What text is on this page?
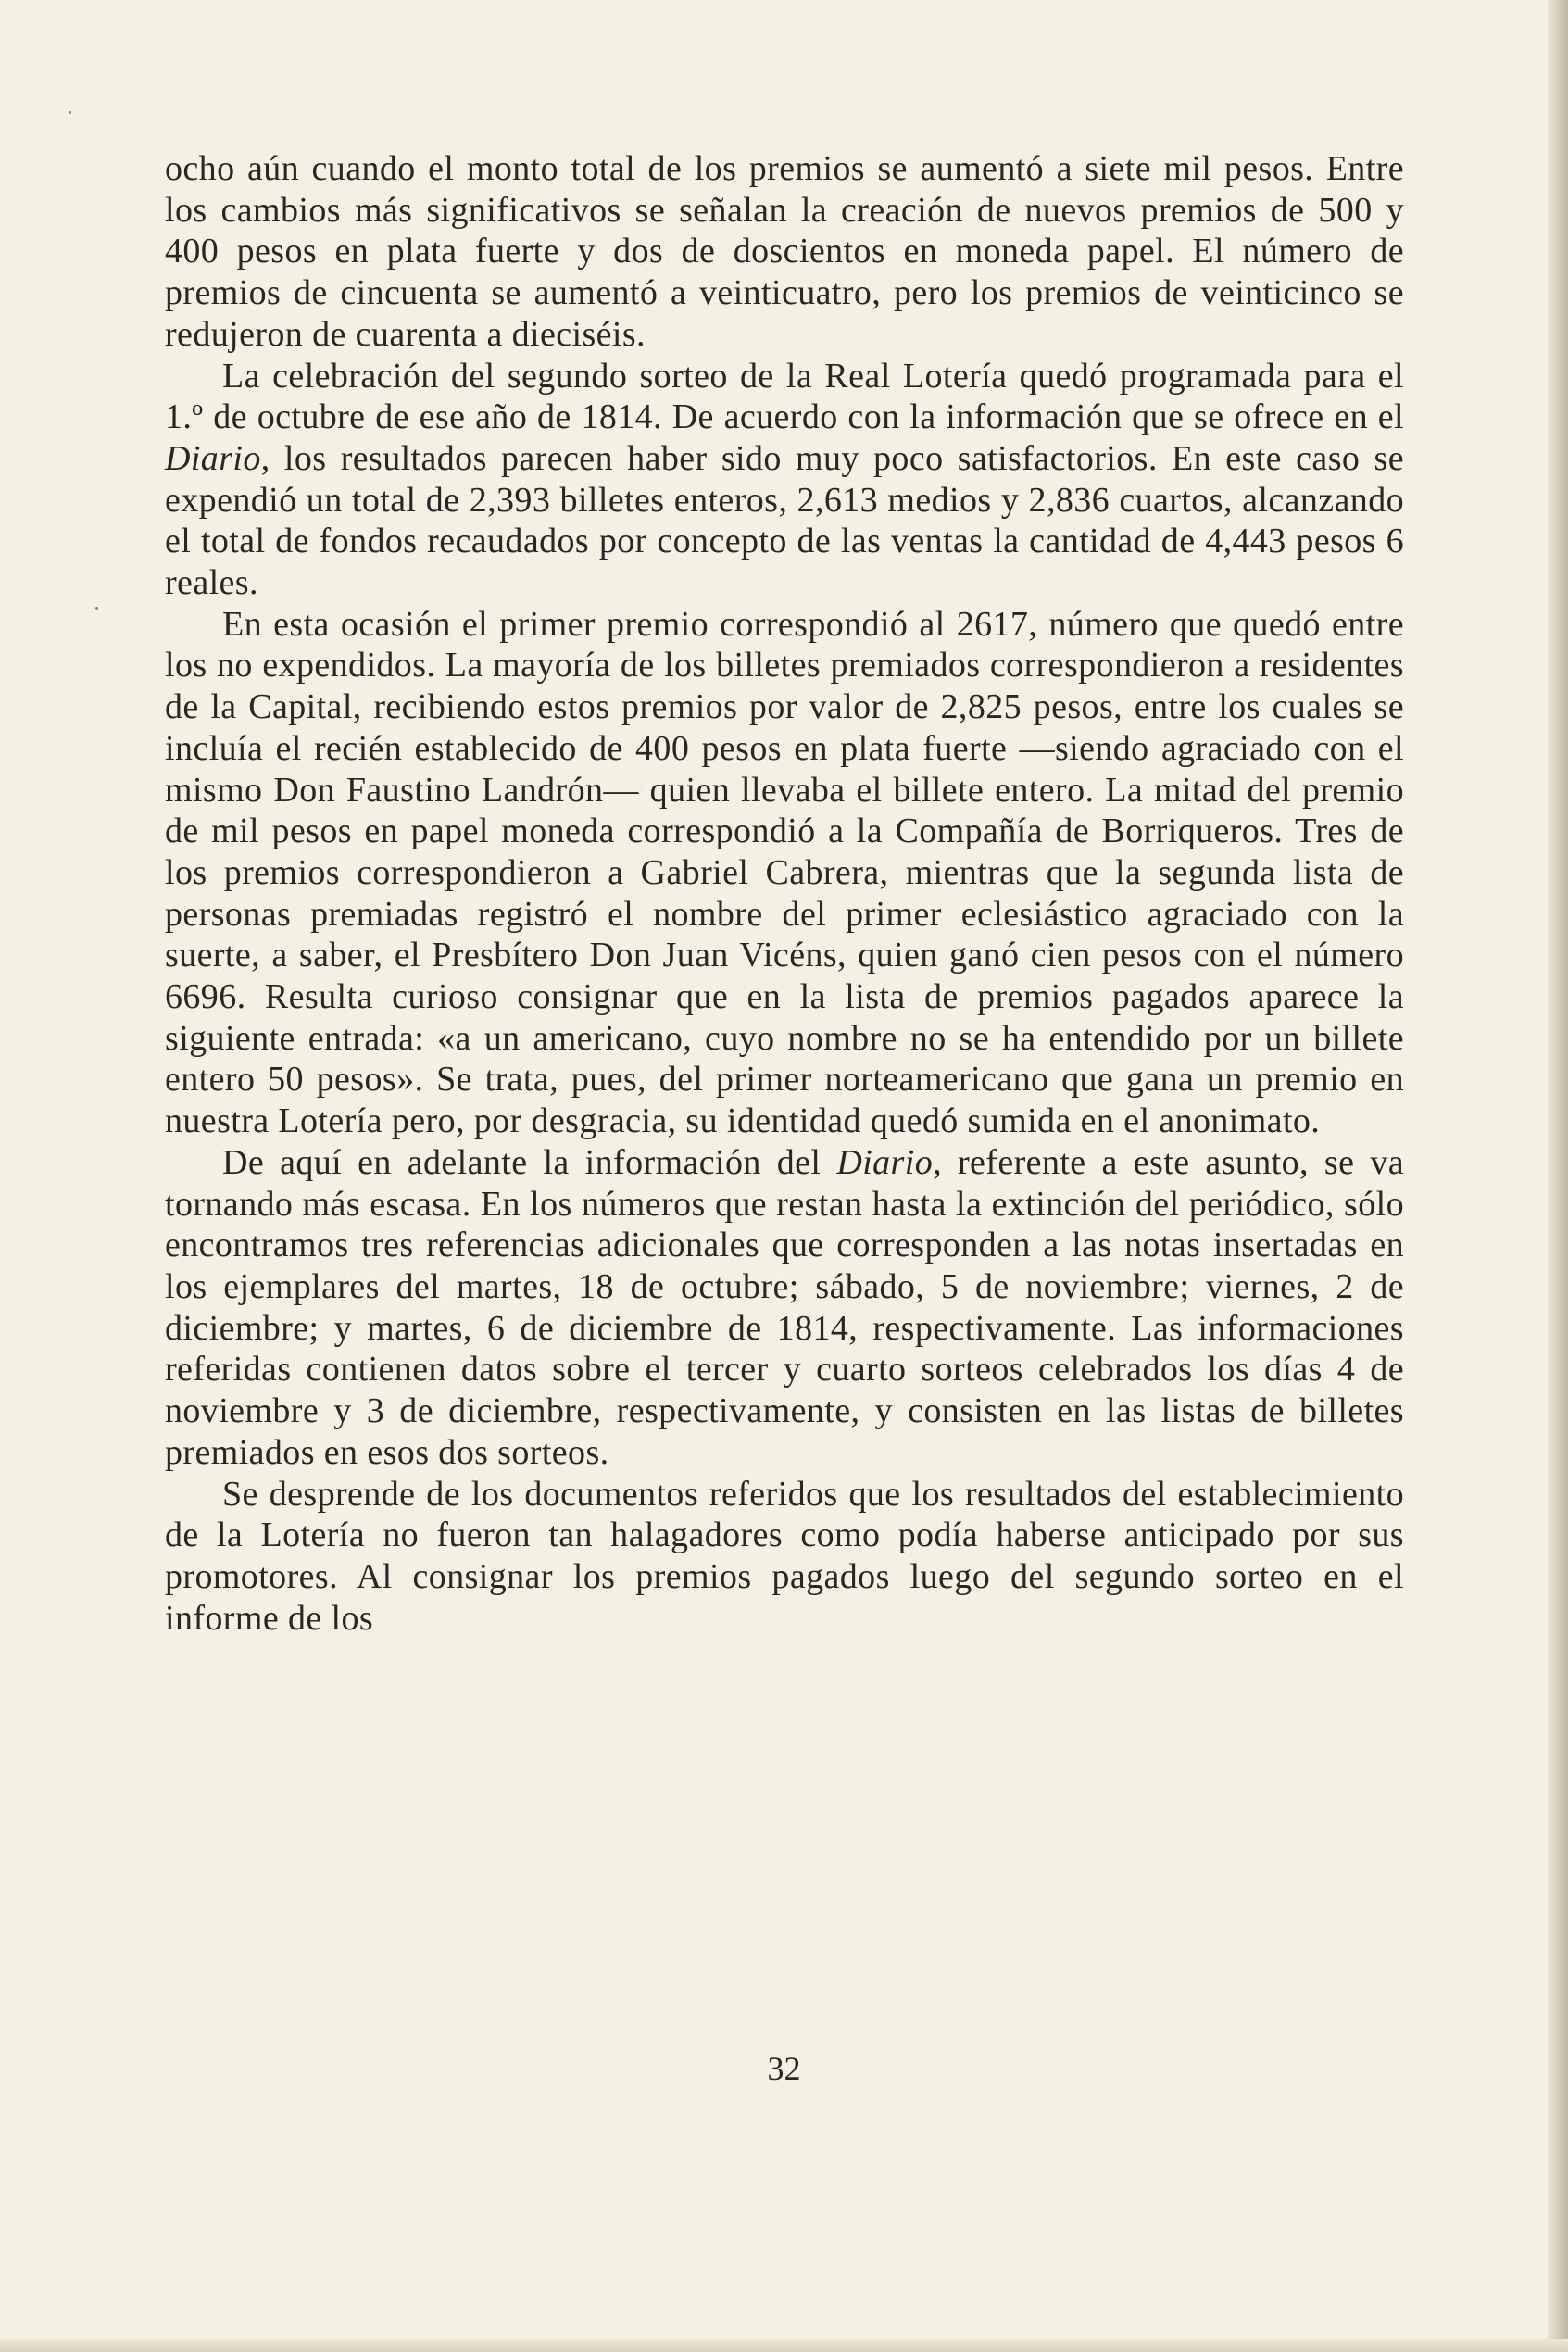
ocho aún cuando el monto total de los premios se aumentó a siete mil pesos. Entre los cambios más significativos se señalan la creación de nuevos premios de 500 y 400 pesos en plata fuerte y dos de doscientos en moneda papel. El número de premios de cincuenta se aumentó a veinticuatro, pero los premios de veinticinco se redujeron de cuarenta a dieciséis.

La celebración del segundo sorteo de la Real Lotería quedó programada para el 1.º de octubre de ese año de 1814. De acuerdo con la información que se ofrece en el Diario, los resultados parecen haber sido muy poco satisfactorios. En este caso se expendió un total de 2,393 billetes enteros, 2,613 medios y 2,836 cuartos, alcanzando el total de fondos recaudados por concepto de las ventas la cantidad de 4,443 pesos 6 reales.

En esta ocasión el primer premio correspondió al 2617, número que quedó entre los no expendidos. La mayoría de los billetes premiados correspondieron a residentes de la Capital, recibiendo estos premios por valor de 2,825 pesos, entre los cuales se incluía el recién establecido de 400 pesos en plata fuerte —siendo agraciado con el mismo Don Faustino Landrón— quien llevaba el billete entero. La mitad del premio de mil pesos en papel moneda correspondió a la Compañía de Borriqueros. Tres de los premios correspondieron a Gabriel Cabrera, mientras que la segunda lista de personas premiadas registró el nombre del primer eclesiástico agraciado con la suerte, a saber, el Presbítero Don Juan Vicéns, quien ganó cien pesos con el número 6696. Resulta curioso consignar que en la lista de premios pagados aparece la siguiente entrada: «a un americano, cuyo nombre no se ha entendido por un billete entero 50 pesos». Se trata, pues, del primer norteamericano que gana un premio en nuestra Lotería pero, por desgracia, su identidad quedó sumida en el anonimato.

De aquí en adelante la información del Diario, referente a este asunto, se va tornando más escasa. En los números que restan hasta la extinción del periódico, sólo encontramos tres referencias adicionales que corresponden a las notas insertadas en los ejemplares del martes, 18 de octubre; sábado, 5 de noviembre; viernes, 2 de diciembre; y martes, 6 de diciembre de 1814, respectivamente. Las informaciones referidas contienen datos sobre el tercer y cuarto sorteos celebrados los días 4 de noviembre y 3 de diciembre, respectivamente, y consisten en las listas de billetes premiados en esos dos sorteos.

Se desprende de los documentos referidos que los resultados del establecimiento de la Lotería no fueron tan halagadores como podía haberse anticipado por sus promotores. Al consignar los premios pagados luego del segundo sorteo en el informe de los

32
